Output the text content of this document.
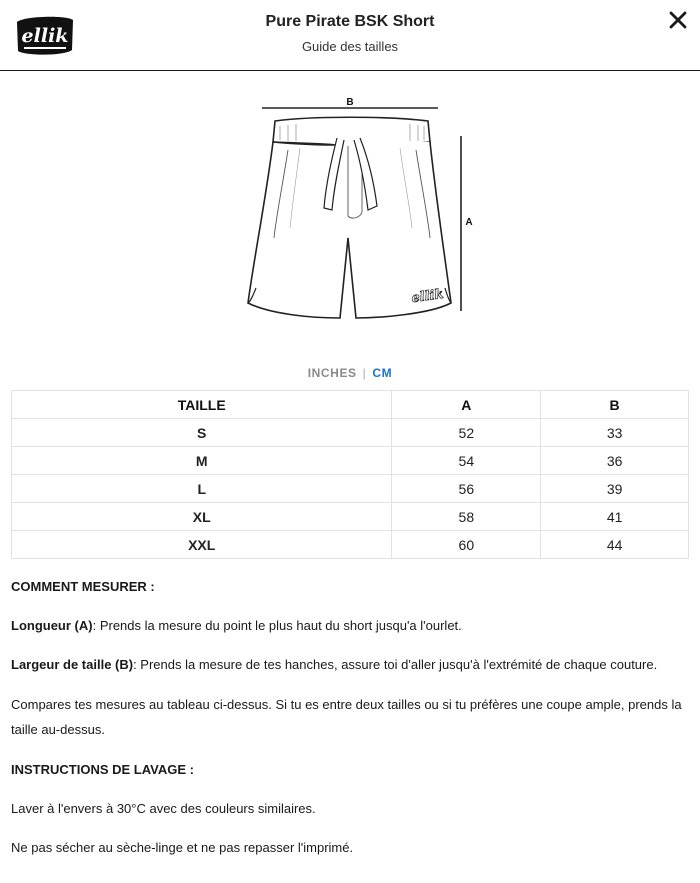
ellik
Pure Pirate BSK Short
Guide des tailles
B
A
ellik
INCHES | CM
TAILLE	A	B
S	52	33
M	54	36
L	56	39
XL	58	41
XXL	60	44
COMMENT MESURER :
Longueur (A): Prends la mesure du point le plus haut du short jusqu'a l'ourlet.
Largeur de taille (B): Prends la mesure de tes hanches, assure toi d'aller jusqu'à l'extrémité de chaque couture.
Compares tes mesures au tableau ci-dessus. Si tu es entre deux tailles ou si tu préfères une coupe ample, prends la taille au-dessus.
INSTRUCTIONS DE LAVAGE :
Laver à l'envers à 30°C avec des couleurs similaires.
Ne pas sécher au sèche-linge et ne pas repasser l'imprimé.
